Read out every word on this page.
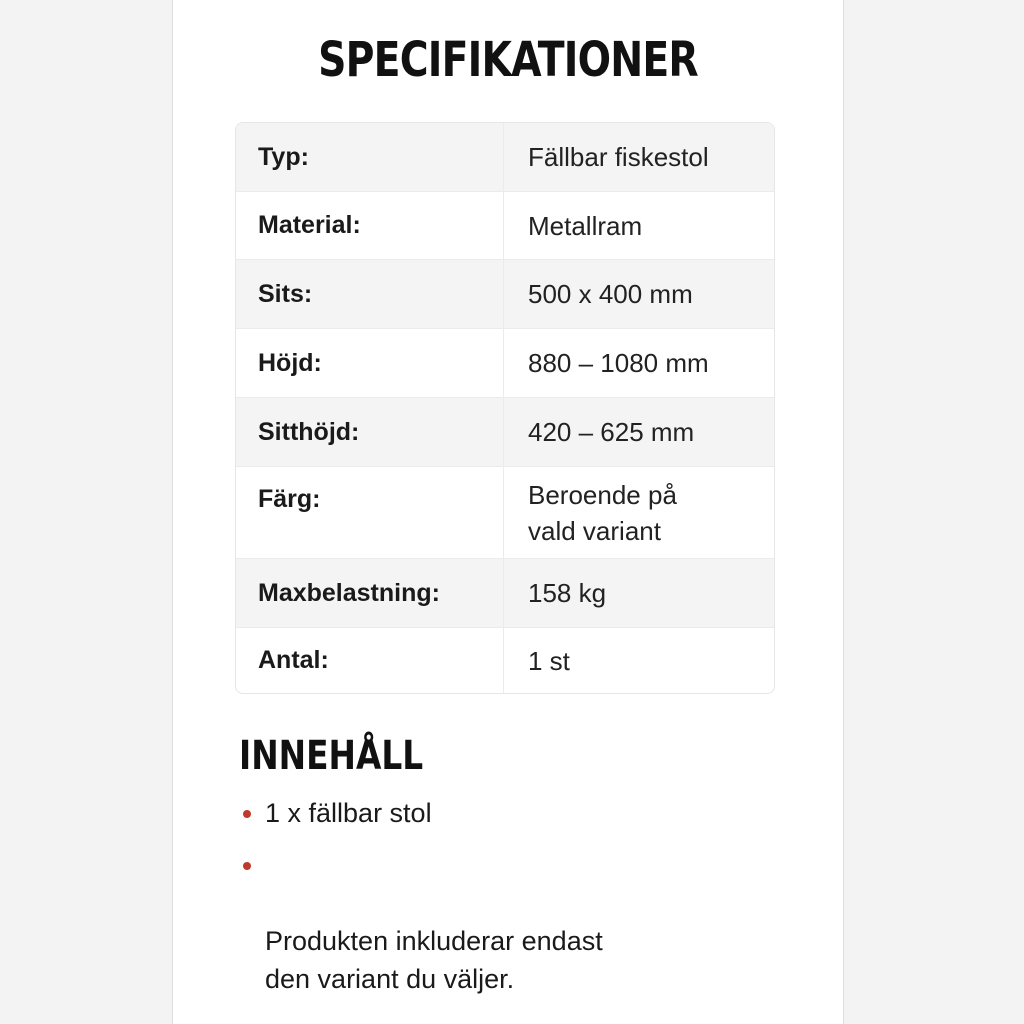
SPECIFIKATIONER
Typ:	Fällbar fiskestol
Material:	Metallram
Sits:	500 x 400 mm
Höjd:	880 – 1080 mm
Sitthöjd:	420 – 625 mm
Färg:	Beroende på
vald variant
Maxbelastning:	158 kg
Antal:	1 st
INNEHÅLL
1 x fällbar stol

Produkten inkluderar endast
den variant du väljer.
